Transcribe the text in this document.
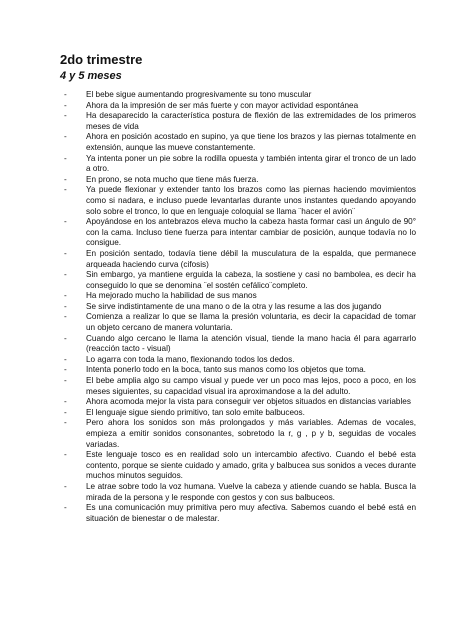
2do trimestre
4 y 5 meses
- El bebe sigue aumentando progresivamente su tono muscular
- Ahora da la impresión de ser más fuerte y con mayor actividad espontánea
- Ha desaparecido la característica postura de flexión de las extremidades de los primeros meses de vida
- Ahora en posición acostado en supino, ya que tiene los brazos y las piernas totalmente en extensión, aunque las mueve constantemente.
- Ya intenta poner un pie sobre la rodilla opuesta y también intenta girar el tronco de un lado a otro.
- En prono, se nota mucho que tiene más fuerza.
- Ya puede flexionar y extender tanto los brazos como las piernas haciendo movimientos como si nadara, e incluso puede levantarlas durante unos instantes quedando apoyando solo sobre el tronco, lo que en lenguaje coloquial se llama ¨hacer el avión¨
- Apoyándose en los antebrazos eleva mucho la cabeza hasta formar casi un ángulo de 90° con la cama. Incluso tiene fuerza para intentar cambiar de posición, aunque todavía no lo consigue.
- En posición sentado, todavía tiene débil la musculatura de la espalda, que permanece arqueada haciendo curva (cifosis)
- Sin embargo, ya mantiene erguida la cabeza, la sostiene y casi no bambolea, es decir ha conseguido lo que se denomina ¨el sostén cefálico¨completo.
- Ha mejorado mucho la habilidad de sus manos
- Se sirve indistintamente de una mano o de la otra y las resume a las dos jugando
- Comienza a realizar lo que se llama la presión voluntaria, es decir la capacidad de tomar un objeto cercano de manera voluntaria.
- Cuando algo cercano le llama la atención visual, tiende la mano hacia él para agarrarlo (reacción tacto - visual)
- Lo agarra con toda la mano, flexionando todos los dedos.
- Intenta ponerlo todo en la boca, tanto sus manos como los objetos que toma.
- El bebe amplia algo su campo visual y puede ver un poco mas lejos, poco a poco, en los meses siguientes, su capacidad visual ira aproximandose a la del adulto.
- Ahora acomoda mejor la vista para conseguir ver objetos situados en distancias variables
- El lenguaje sigue siendo primitivo, tan solo emite balbuceos.
- Pero ahora los sonidos son más prolongados y más variables. Ademas de vocales, empieza a emitir sonidos consonantes, sobretodo la r, g , p y b, seguidas de vocales variadas.
- Este lenguaje tosco es en realidad solo un intercambio afectivo. Cuando el bebé esta contento, porque se siente cuidado y amado, grita y balbucea sus sonidos a veces durante muchos minutos seguidos.
- Le atrae sobre todo la voz humana. Vuelve la cabeza y atiende cuando se habla. Busca la mirada de la persona y le responde con gestos y con sus balbuceos.
- Es una comunicación muy primitiva pero muy afectiva. Sabemos cuando el bebé está en situación de bienestar o de malestar.
